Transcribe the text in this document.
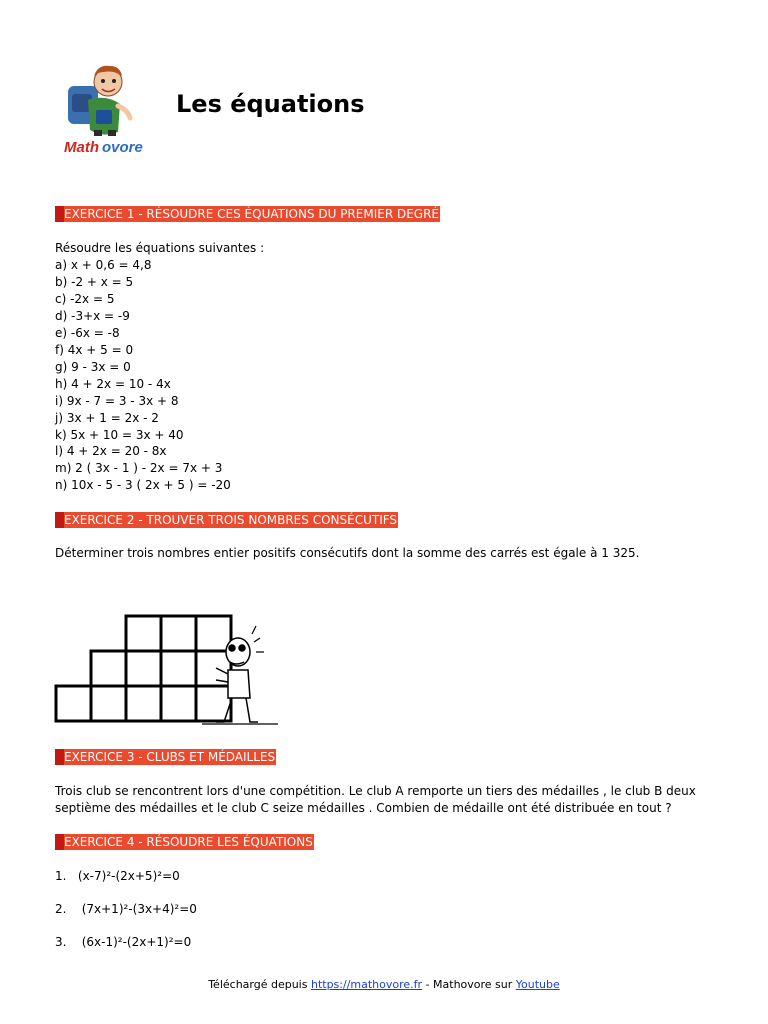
Math ovore
Les équations
EXERCICE 1 - RÉSOUDRE CES ÉQUATIONS DU PREMIER DEGRÉ

Résoudre les équations suivantes :

a) x + 0,6 = 4,8
b) -2 + x = 5
c) -2x = 5
d) -3+x = -9
e) -6x = -8
f) 4x + 5 = 0
g) 9 - 3x = 0
h) 4 + 2x = 10 - 4x
i) 9x - 7 = 3 - 3x + 8
j) 3x + 1 = 2x - 2
k) 5x + 10 = 3x + 40
l) 4 + 2x = 20 - 8x
m) 2 ( 3x - 1 ) - 2x = 7x + 3
n) 10x - 5 - 3 ( 2x + 5 ) = -20
EXERCICE 2 - TROUVER TROIS NOMBRES CONSÉCUTIFS

Déterminer trois nombres entier positifs consécutifs dont la somme des carrés est égale à 1 325.

EXERCICE 3 - CLUBS ET MÉDAILLES

Trois club se rencontrent lors d'une compétition. Le club A remporte un tiers des médailles , le club B deux septième des médailles et le club C seize médailles . Combien de médaille ont été distribuée en tout ?

EXERCICE 4 - RÉSOUDRE LES ÉQUATIONS

1.   (x-7)²-(2x+5)²=0

2.    (7x+1)²-(3x+4)²=0

3.    (6x-1)²-(2x+1)²=0

Téléchargé depuis https://mathovore.fr - Mathovore sur Youtube
